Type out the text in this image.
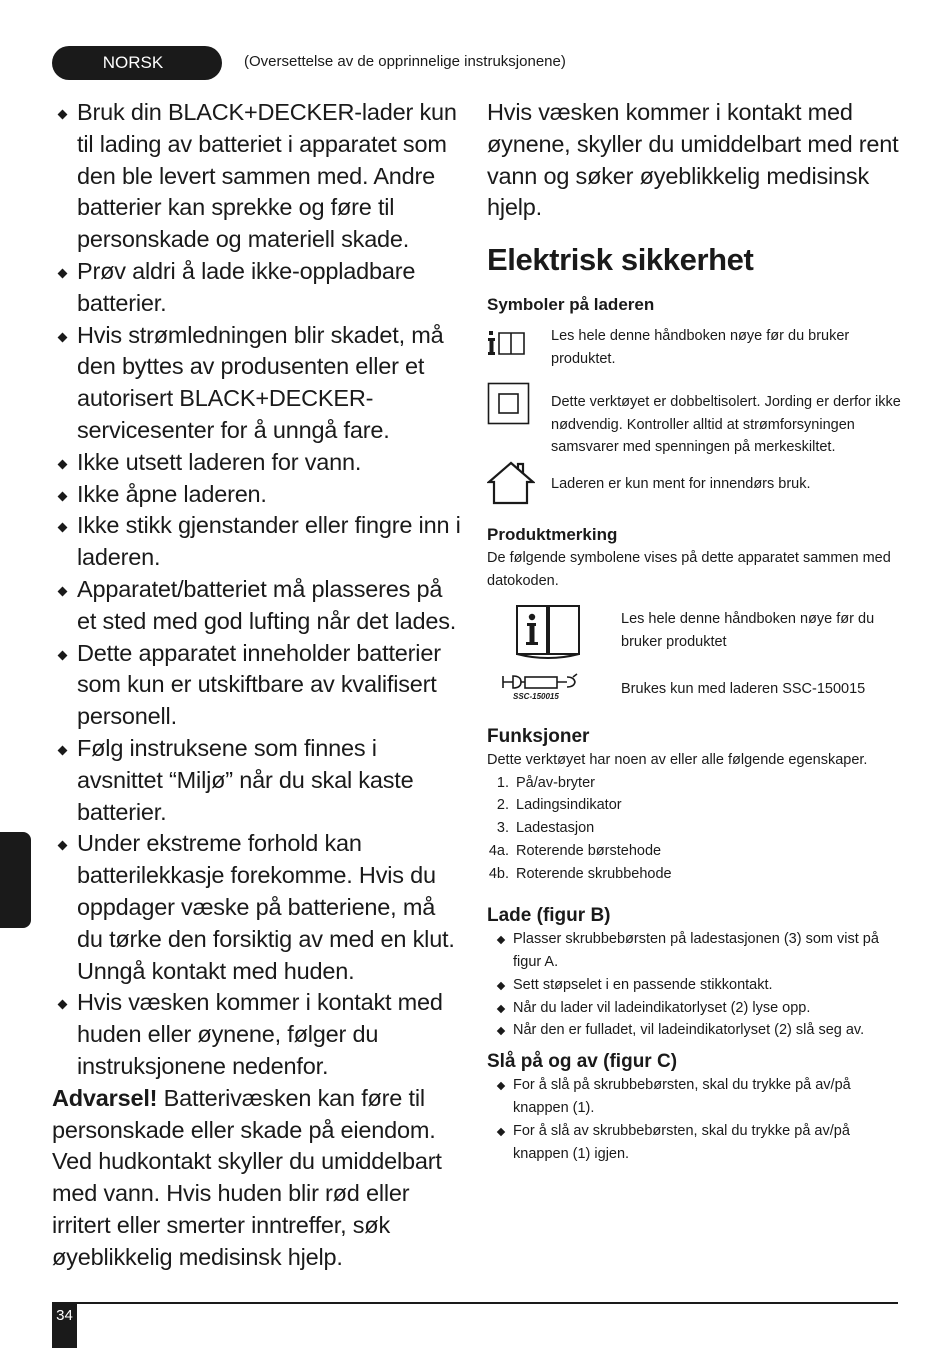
NORSK	(Oversettelse av de opprinnelige instruksjonene)
Bruk din BLACK+DECKER-lader kun til lading av batteriet i apparatet som den ble levert sammen med. Andre batterier kan sprekke og føre til personskade og materiell skade.
Prøv aldri å lade ikke-oppladbare batterier.
Hvis strømledningen blir skadet, må den byttes av produsenten eller et autorisert BLACK+DECKER-servicesenter for å unngå fare.
Ikke utsett laderen for vann.
Ikke åpne laderen.
Ikke stikk gjenstander eller fingre inn i laderen.
Apparatet/batteriet må plasseres på et sted med god lufting når det lades.
Dette apparatet inneholder batterier som kun er utskiftbare av kvalifisert personell.
Følg instruksene som finnes i avsnittet “Miljø” når du skal kaste batterier.
Under ekstreme forhold kan batterilekkasje forekomme. Hvis du oppdager væske på batteriene, må du tørke den forsiktig av med en klut. Unngå kontakt med huden.
Hvis væsken kommer i kontakt med huden eller øynene, følger du instruksjonene nedenfor.

Advarsel! Batterivæsken kan føre til personskade eller skade på eiendom. Ved hudkontakt skyller du umiddelbart med vann. Hvis huden blir rød eller irritert eller smerter inntreffer, søk øyeblikkelig medisinsk hjelp.

Hvis væsken kommer i kontakt med øynene, skyller du umiddelbart med rent vann og søker øyeblikkelig medisinsk hjelp.

Elektrisk sikkerhet
Symboler på laderen
Les hele denne håndboken nøye før du bruker produktet.
Dette verktøyet er dobbeltisolert. Jording er derfor ikke nødvendig. Kontroller alltid at strømforsyningen samsvarer med spenningen på merkeskiltet.
Laderen er kun ment for innendørs bruk.
Produktmerking

De følgende symbolene vises på dette apparatet sammen med datokoden.

Les hele denne håndboken nøye før du bruker produktet
SSC-150015	Brukes kun med laderen SSC-150015
Funksjoner

Dette verktøyet har noen av eller alle følgende egenskaper.

1. På/av-bryter
2. Ladingsindikator
3. Ladestasjon
4a. Roterende børstehode
4b. Roterende skrubbehode
Lade (figur B)
Plasser skrubbebørsten på ladestasjonen (3) som vist på figur A.
Sett støpselet i en passende stikkontakt.
Når du lader vil ladeindikatorlyset (2) lyse opp.
Når den er fulladet, vil ladeindikatorlyset (2) slå seg av.
Slå på og av (figur C)
For å slå på skrubbebørsten, skal du trykke på av/på knappen (1).
For å slå av skrubbebørsten, skal du trykke på av/på knappen (1) igjen.
34
